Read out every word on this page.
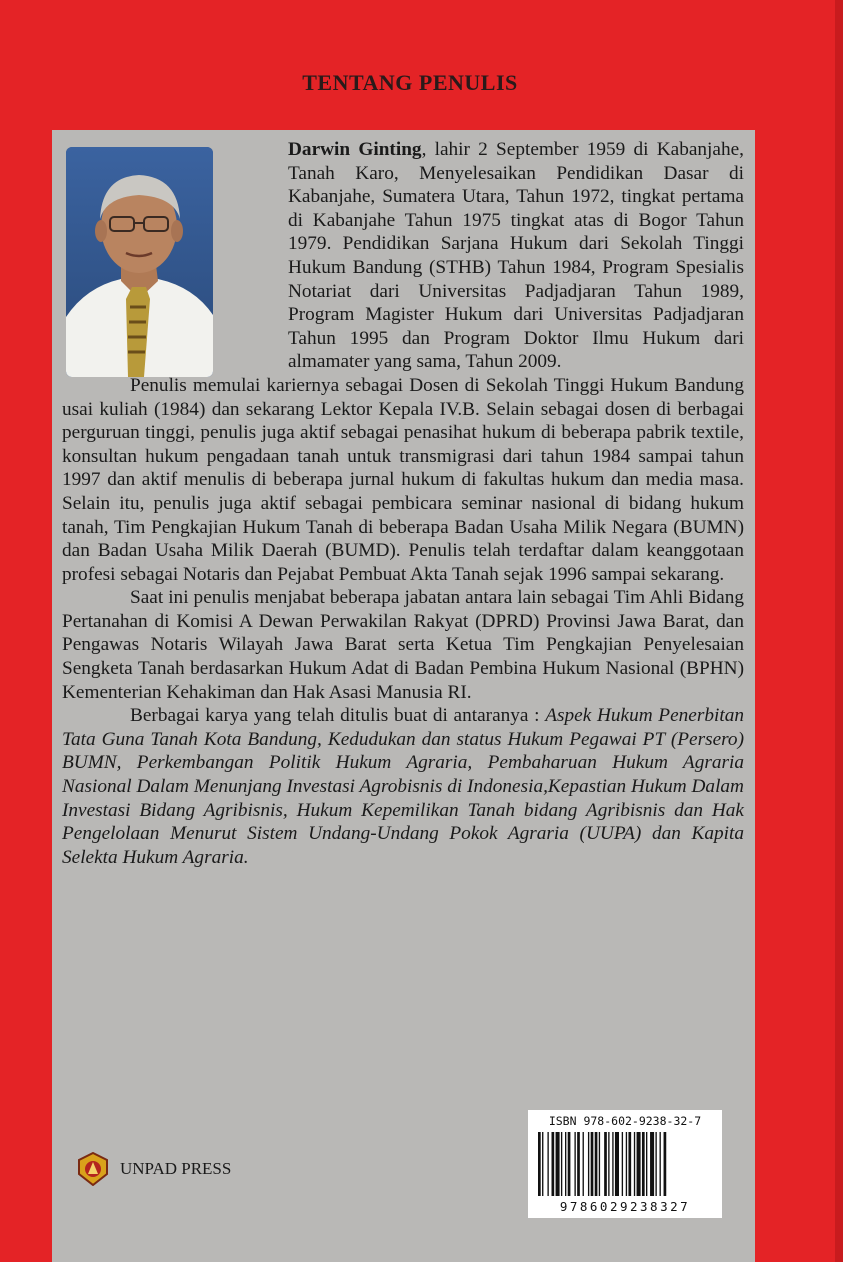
TENTANG PENULIS

Darwin Ginting, lahir 2 September 1959 di Kabanjahe, Tanah Karo, Menyelesaikan Pendidikan Dasar di Kabanjahe, Sumatera Utara, Tahun 1972, tingkat pertama di Kabanjahe Tahun 1975 tingkat atas di Bogor Tahun 1979. Pendidikan Sarjana Hukum dari Sekolah Tinggi Hukum Bandung (STHB) Tahun 1984, Program Spesialis Notariat dari Universitas Padjadjaran Tahun 1989, Program Magister Hukum dari Universitas Padjadjaran Tahun 1995 dan Program Doktor Ilmu Hukum dari almamater yang sama, Tahun 2009.

Penulis memulai kariernya sebagai Dosen di Sekolah Tinggi Hukum Bandung usai kuliah (1984) dan sekarang Lektor Kepala IV.B. Selain sebagai dosen di berbagai perguruan tinggi, penulis juga aktif sebagai penasihat hukum di beberapa pabrik textile, konsultan hukum pengadaan tanah untuk transmigrasi dari tahun 1984 sampai tahun 1997 dan aktif menulis di beberapa jurnal hukum di fakultas hukum dan media masa. Selain itu, penulis juga aktif sebagai pembicara seminar nasional di bidang hukum tanah, Tim Pengkajian Hukum Tanah di beberapa Badan Usaha Milik Negara (BUMN) dan Badan Usaha Milik Daerah (BUMD). Penulis telah terdaftar dalam keanggotaan profesi sebagai Notaris dan Pejabat Pembuat Akta Tanah sejak 1996 sampai sekarang.

Saat ini penulis menjabat beberapa jabatan antara lain sebagai Tim Ahli Bidang Pertanahan di Komisi A Dewan Perwakilan Rakyat (DPRD) Provinsi Jawa Barat, dan Pengawas Notaris Wilayah Jawa Barat serta Ketua Tim Pengkajian Penyelesaian Sengketa Tanah berdasarkan Hukum Adat di Badan Pembina Hukum Nasional (BPHN) Kementerian Kehakiman dan Hak Asasi Manusia RI.

Berbagai karya yang telah ditulis buat di antaranya : Aspek Hukum Penerbitan Tata Guna Tanah Kota Bandung, Kedudukan dan status Hukum Pegawai PT (Persero) BUMN, Perkembangan Politik Hukum Agraria, Pembaharuan Hukum Agraria Nasional Dalam Menunjang Investasi Agrobisnis di Indonesia,Kepastian Hukum Dalam Investasi Bidang Agribisnis, Hukum Kepemilikan Tanah bidang Agribisnis dan Hak Pengelolaan Menurut Sistem Undang-Undang Pokok Agraria (UUPA) dan Kapita Selekta Hukum Agraria.

ISBN 978-602-9238-32-7
9786029238327
UNPAD PRESS
